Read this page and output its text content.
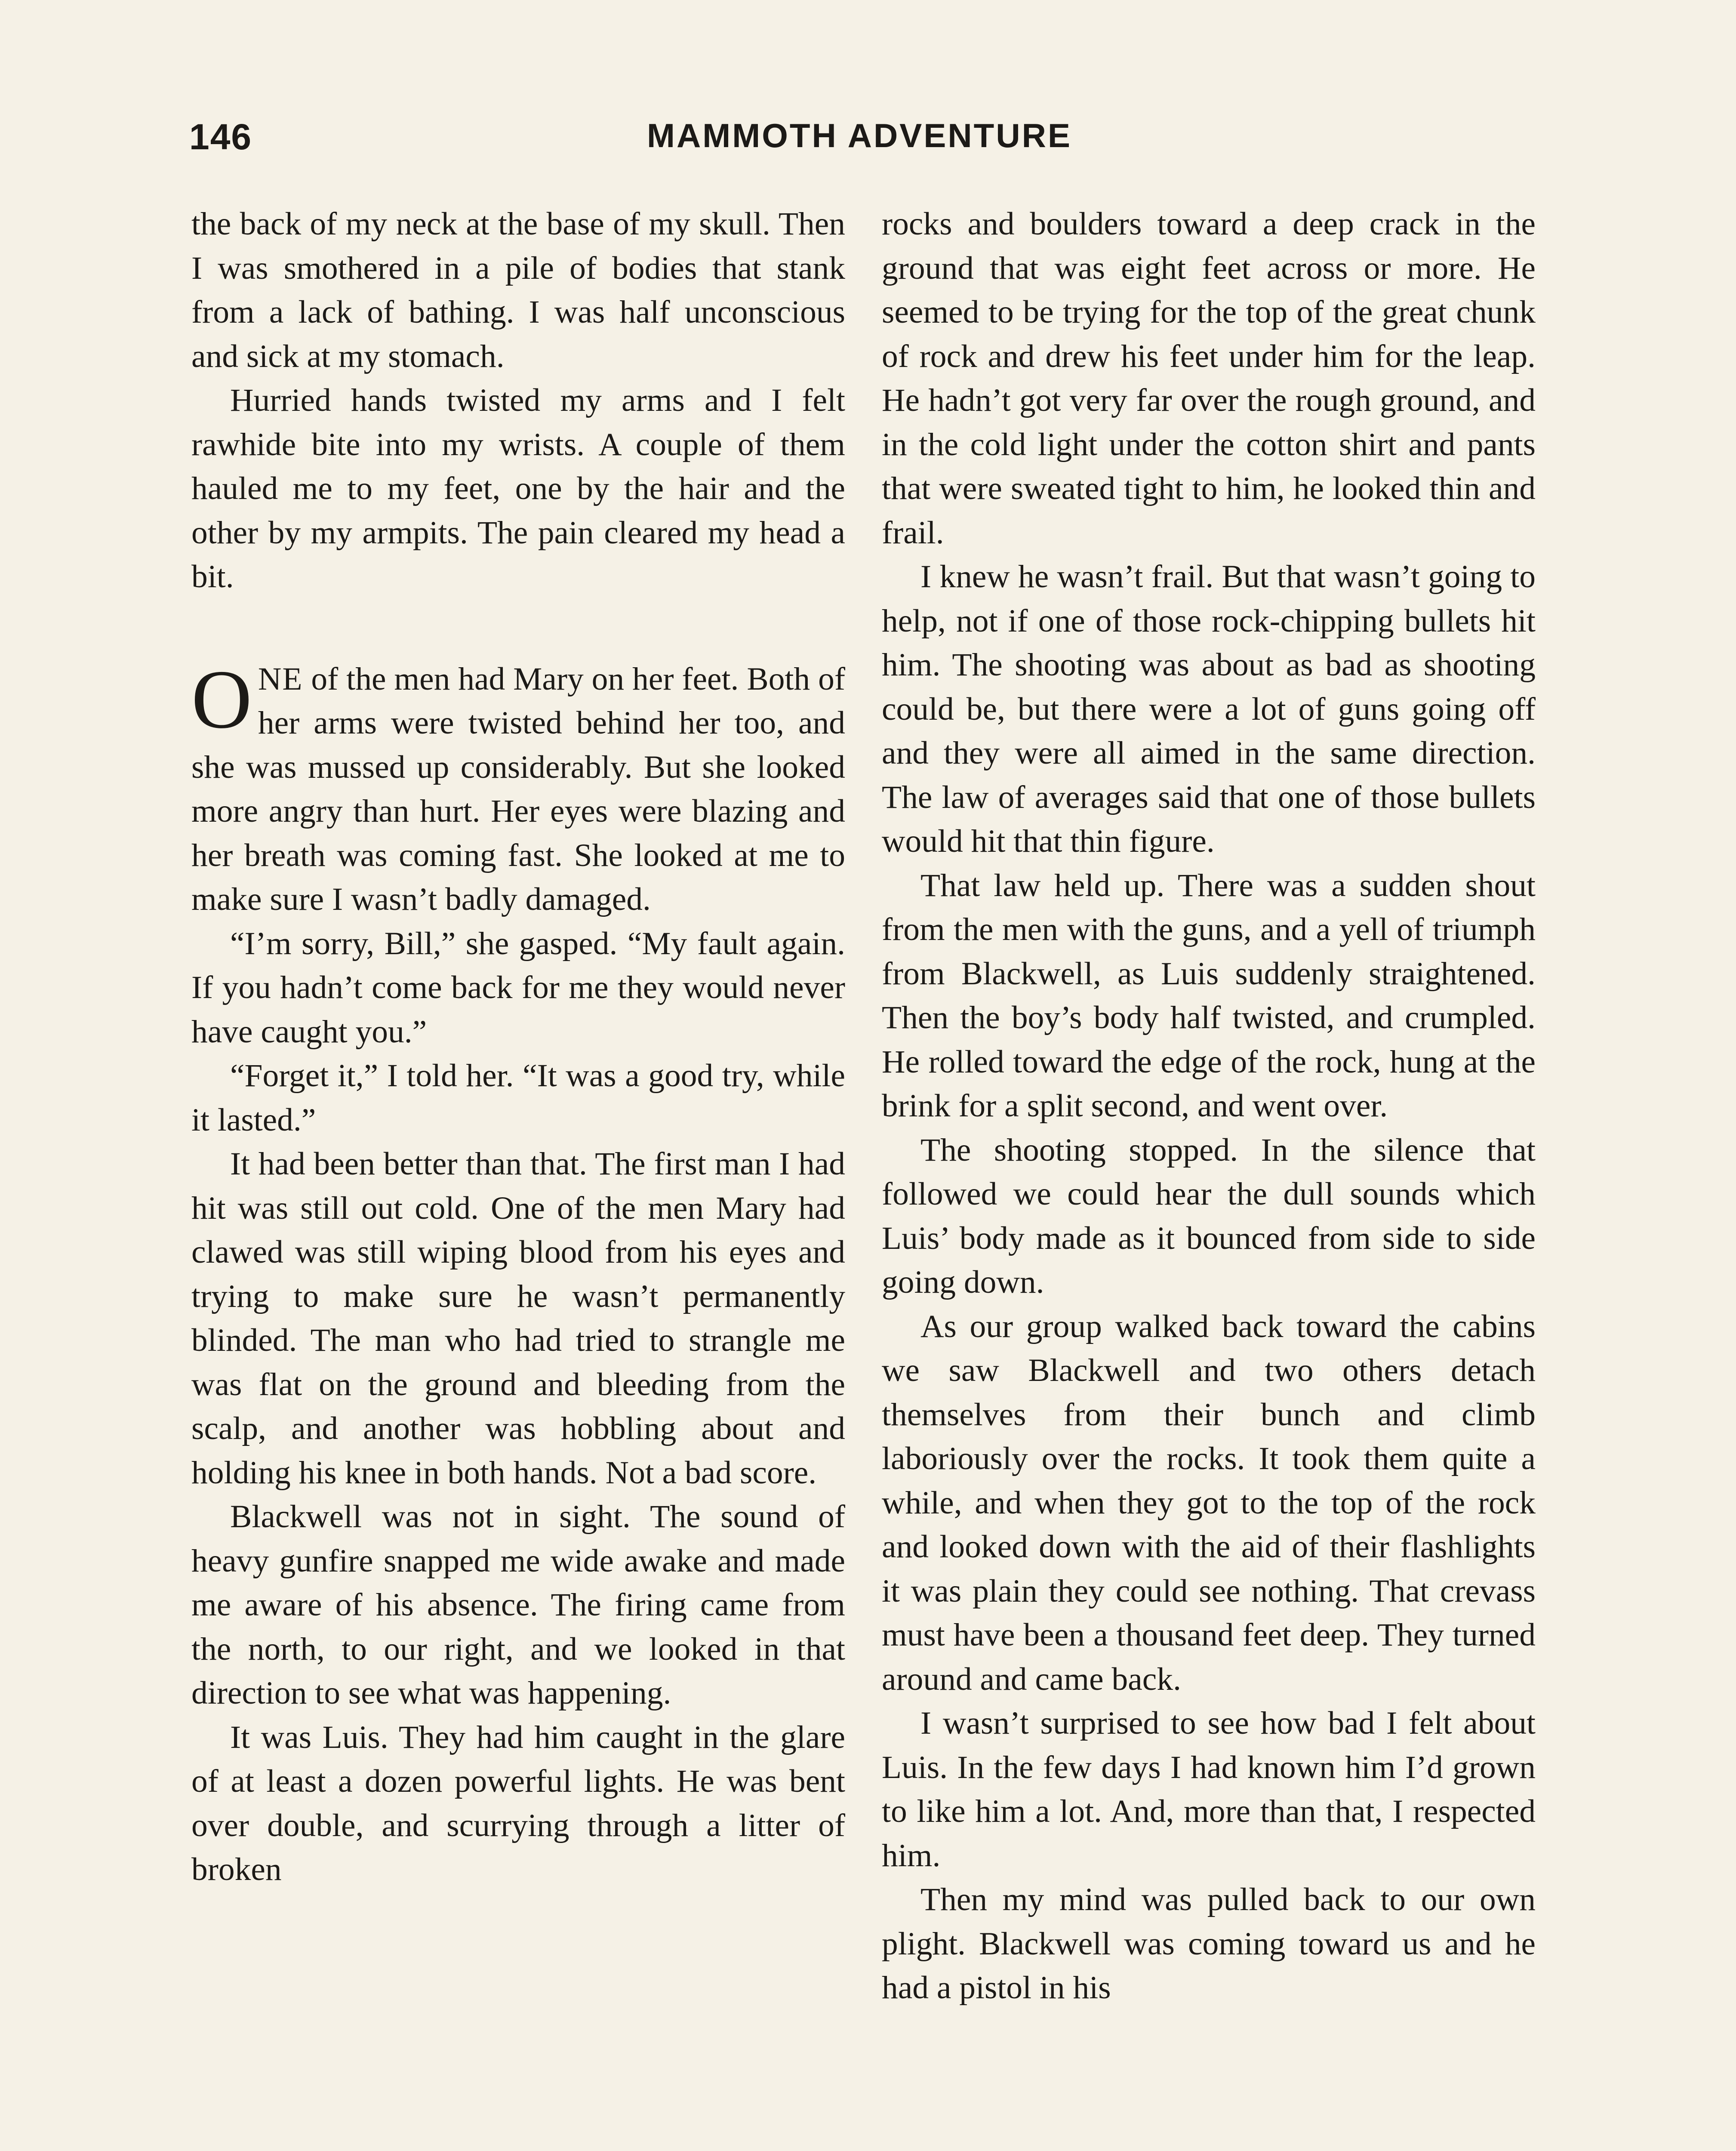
146	MAMMOTH ADVENTURE

the back of my neck at the base of my skull. Then I was smothered in a pile of bodies that stank from a lack of bathing. I was half unconscious and sick at my stomach.

Hurried hands twisted my arms and I felt rawhide bite into my wrists. A couple of them hauled me to my feet, one by the hair and the other by my armpits. The pain cleared my head a bit.

ONE of the men had Mary on her feet. Both of her arms were twisted behind her too, and she was mussed up considerably. But she looked more angry than hurt. Her eyes were blazing and her breath was coming fast. She looked at me to make sure I wasn’t badly damaged.

“I’m sorry, Bill,” she gasped. “My fault again. If you hadn’t come back for me they would never have caught you.”

“Forget it,” I told her. “It was a good try, while it lasted.”

It had been better than that. The first man I had hit was still out cold. One of the men Mary had clawed was still wiping blood from his eyes and trying to make sure he wasn’t permanently blinded. The man who had tried to strangle me was flat on the ground and bleeding from the scalp, and another was hobbling about and holding his knee in both hands. Not a bad score.

Blackwell was not in sight. The sound of heavy gunfire snapped me wide awake and made me aware of his absence. The firing came from the north, to our right, and we looked in that direction to see what was happening.

It was Luis. They had him caught in the glare of at least a dozen powerful lights. He was bent over double, and scurrying through a litter of broken

rocks and boulders toward a deep crack in the ground that was eight feet across or more. He seemed to be trying for the top of the great chunk of rock and drew his feet under him for the leap. He hadn’t got very far over the rough ground, and in the cold light under the cotton shirt and pants that were sweated tight to him, he looked thin and frail.

I knew he wasn’t frail. But that wasn’t going to help, not if one of those rock-chipping bullets hit him. The shooting was about as bad as shooting could be, but there were a lot of guns going off and they were all aimed in the same direction. The law of averages said that one of those bullets would hit that thin figure.

That law held up. There was a sudden shout from the men with the guns, and a yell of triumph from Blackwell, as Luis suddenly straightened. Then the boy’s body half twisted, and crumpled. He rolled toward the edge of the rock, hung at the brink for a split second, and went over.

The shooting stopped. In the silence that followed we could hear the dull sounds which Luis’ body made as it bounced from side to side going down.

As our group walked back toward the cabins we saw Blackwell and two others detach themselves from their bunch and climb laboriously over the rocks. It took them quite a while, and when they got to the top of the rock and looked down with the aid of their flashlights it was plain they could see nothing. That crevass must have been a thousand feet deep. They turned around and came back.

I wasn’t surprised to see how bad I felt about Luis. In the few days I had known him I’d grown to like him a lot. And, more than that, I respected him.

Then my mind was pulled back to our own plight. Blackwell was coming toward us and he had a pistol in his
